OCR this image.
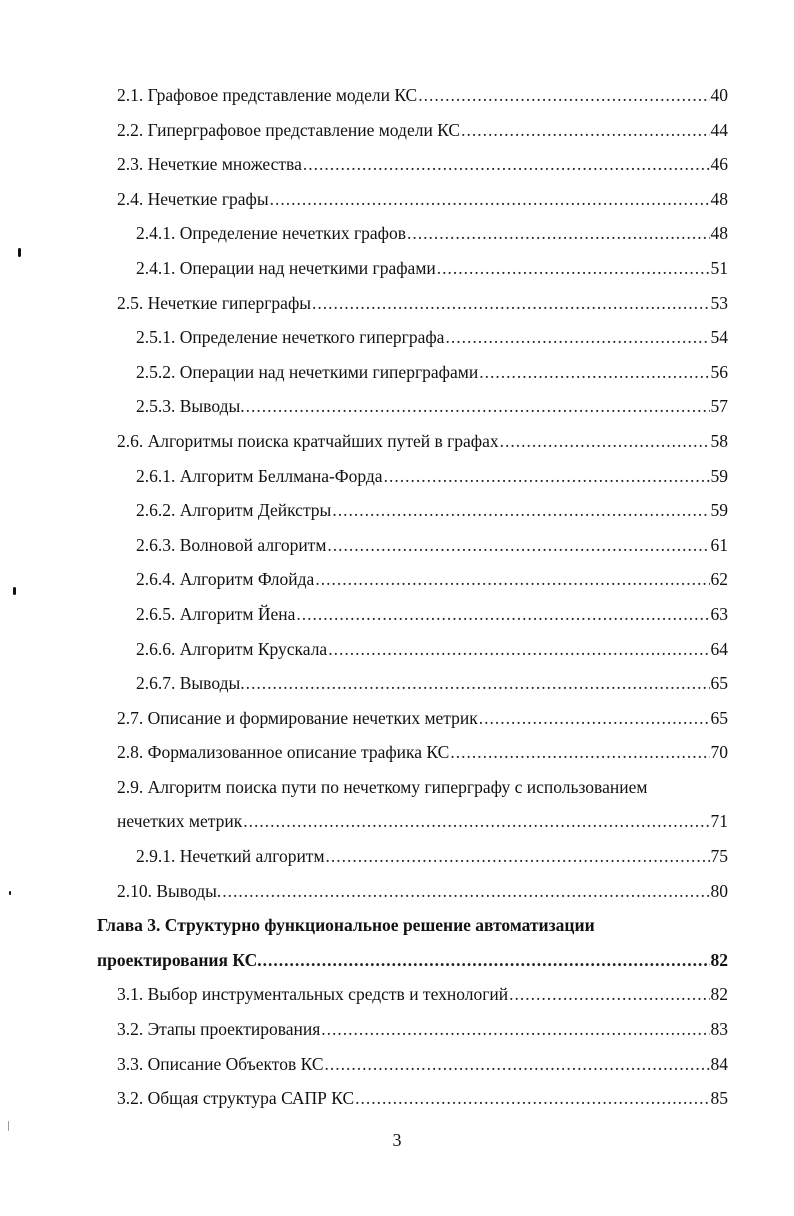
2.1. Графовое представление модели КС .....	40
2.2. Гиперграфовое представление модели КС .....	44
2.3. Нечеткие множества .....	46
2.4. Нечеткие графы .....	48
2.4.1. Определение нечетких графов .....	48
2.4.1. Операции над нечеткими графами .....	51
2.5. Нечеткие гиперграфы .....	53
2.5.1. Определение нечеткого гиперграфа .....	54
2.5.2. Операции над нечеткими гиперграфами .....	56
2.5.3. Выводы. .....	57
2.6. Алгоритмы поиска кратчайших путей в графах .....	58
2.6.1. Алгоритм Беллмана-Форда .....	59
2.6.2. Алгоритм Дейкстры .....	59
2.6.3. Волновой алгоритм .....	61
2.6.4. Алгоритм Флойда .....	62
2.6.5. Алгоритм Йена .....	63
2.6.6. Алгоритм Крускала .....	64
2.6.7. Выводы. .....	65
2.7. Описание и формирование нечетких метрик .....	65
2.8. Формализованное описание трафика КС .....	70
2.9. Алгоритм поиска пути по нечеткому гиперграфу с использованием
нечетких метрик .....	71
2.9.1. Нечеткий алгоритм .....	75
2.10. Выводы. .....	80
Глава 3. Структурно функциональное решение автоматизации
проектирования КС. .....	82
3.1. Выбор инструментальных средств и технологий .....	82
3.2. Этапы проектирования .....	83
3.3. Описание Объектов КС .....	84
3.2. Общая структура САПР КС .....	85
3
